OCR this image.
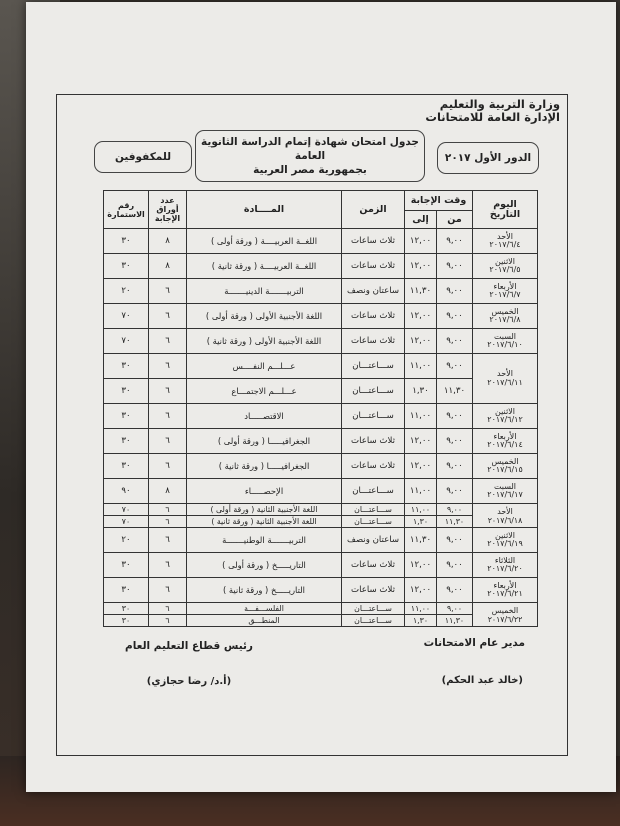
وزارة التربية والتعليم
الإدارة العامة للامتحانات
الدور الأول ٢٠١٧
جدول امتحان شهادة إتمام الدراسة الثانوية العامة
بجمهورية مصر العربية
للمكفوفين
اليوم
التاريخ	وقت الإجابة		الزمن	المــــادة	عدد أوراق الإجابة	رقم الاستمارة
	من	إلى				

الأحد
٢٠١٧/٦/٤	٩,٠٠	١٢,٠٠	ثلاث ساعات	اللغــة العربيــــة ( ورقة أولى )	٨	٣٠

الاثنين
٢٠١٧/٦/٥	٩,٠٠	١٢,٠٠	ثلاث ساعات	اللغــة العربيــــة ( ورقة ثانية )	٨	٣٠

الأربعاء
٢٠١٧/٦/٧	٩,٠٠	١١,٣٠	ساعتان ونصف	التربيـــــــة الدينيـــــــة	٦	٢٠

الخميس
٢٠١٧/٦/٨	٩,٠٠	١٢,٠٠	ثلاث ساعات	اللغة الأجنبية الأولى ( ورقة أولى )	٦	٧٠

السبت
٢٠١٧/٦/١٠	٩,٠٠	١٢,٠٠	ثلاث ساعات	اللغة الأجنبية الأولى ( ورقة ثانية )	٦	٧٠

الأحد
٢٠١٧/٦/١١	٩,٠٠	١١,٠٠	ســـاعتـــان	عـــلـــم النفــــس	٦	٣٠
	١١,٣٠	١,٣٠	ســـاعتـــان	عـــلـــم الاجتمـــاع	٦	٣٠

الاثنين
٢٠١٧/٦/١٢	٩,٠٠	١١,٠٠	ســـاعتـــان	الاقتصـــــاد	٦	٣٠

الأربعاء
٢٠١٧/٦/١٤	٩,٠٠	١٢,٠٠	ثلاث ساعات	الجغرافيـــــا ( ورقة أولى )	٦	٣٠

الخميس
٢٠١٧/٦/١٥	٩,٠٠	١٢,٠٠	ثلاث ساعات	الجغرافيـــــا ( ورقة ثانية )	٦	٣٠

السبت
٢٠١٧/٦/١٧	٩,٠٠	١١,٠٠	ســـاعتـــان	الإحصـــــاء	٨	٩٠

الأحد
٢٠١٧/٦/١٨	٩,٠٠	١١,٠٠	ســـاعتـــان	اللغة الأجنبية الثانية ( ورقة أولى )	٦	٧٠
	١١,٣٠	١,٣٠	ســـاعتـــان	اللغة الأجنبية الثانية ( ورقة ثانية )	٦	٧٠

الاثنين
٢٠١٧/٦/١٩	٩,٠٠	١١,٣٠	ساعتان ونصف	التربيـــــــة الوطنيـــــــة	٦	٢٠

الثلاثاء
٢٠١٧/٦/٢٠	٩,٠٠	١٢,٠٠	ثلاث ساعات	التاريـــــخ ( ورقة أولى )	٦	٣٠

الأربعاء
٢٠١٧/٦/٢١	٩,٠٠	١٢,٠٠	ثلاث ساعات	التاريـــــخ ( ورقة ثانية )	٦	٣٠

الخميس
٢٠١٧/٦/٢٢	٩,٠٠	١١,٠٠	ســـاعتـــان	الفلســـفـــة	٦	٣٠
	١١,٣٠	١,٣٠	ســـاعتـــان	المنطـــق	٦	٣٠
مدير عام الامتحانات
(خالد عبد الحكم)
رئيس قطاع التعليم العام
(أ.د/ رضا حجازي)
